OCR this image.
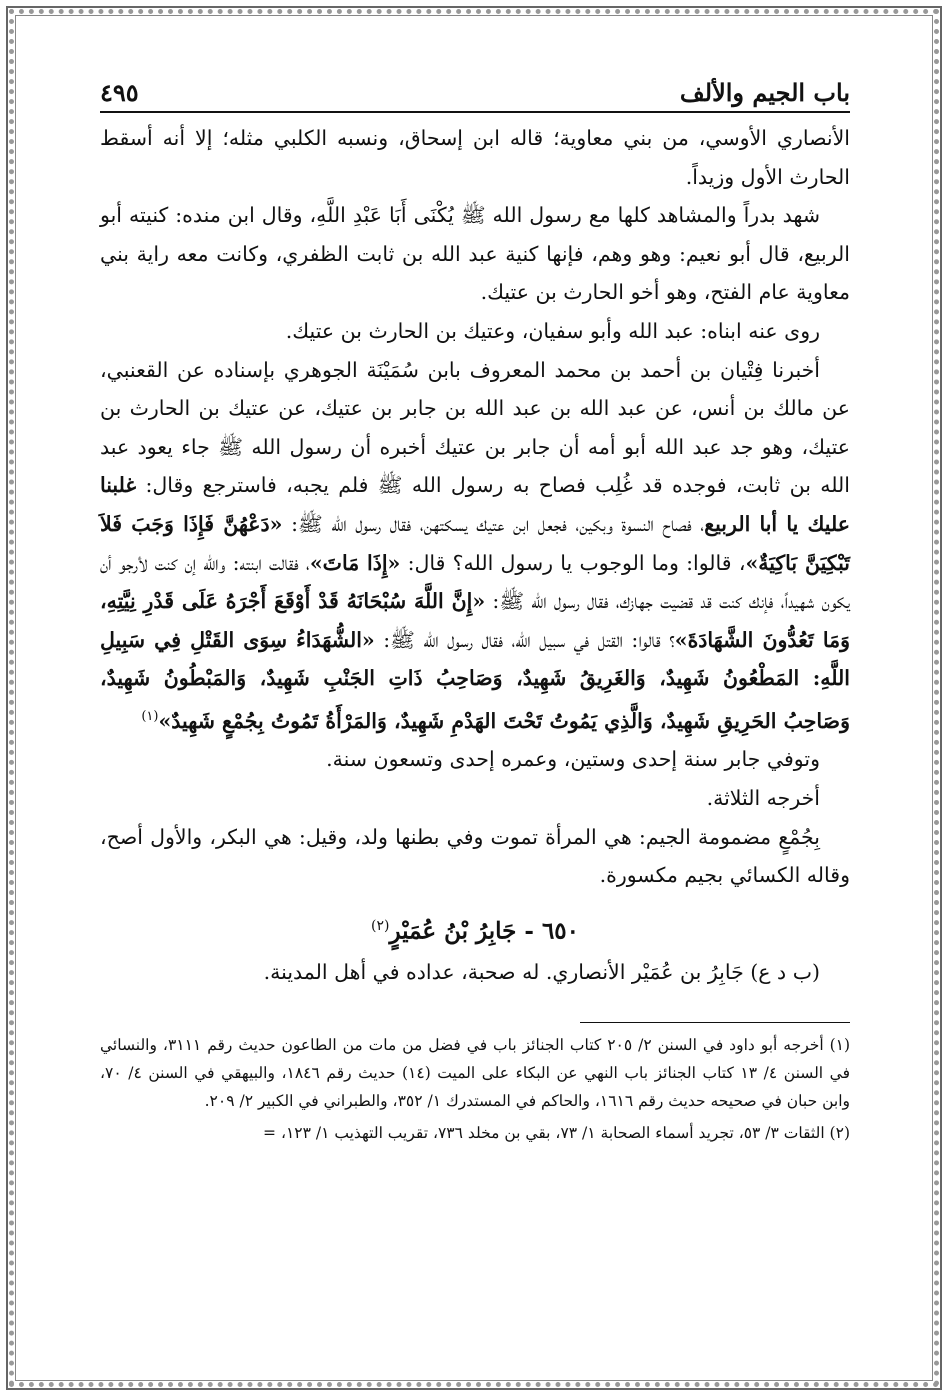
باب الجيم والألف
٤٩٥

الأنصاري الأوسي، من بني معاوية؛ قاله ابن إسحاق، ونسبه الكلبي مثله؛ إلا أنه أسقط الحارث الأول وزيداً.

شهد بدراً والمشاهد كلها مع رسول الله ﷺ يُكْنَى أَبَا عَبْدِ اللَّهِ، وقال ابن منده: كنيته أبو الربيع، قال أبو نعيم: وهو وهم، فإنها كنية عبد الله بن ثابت الظفري، وكانت معه راية بني معاوية عام الفتح، وهو أخو الحارث بن عتيك.

روى عنه ابناه: عبد الله وأبو سفيان، وعتيك بن الحارث بن عتيك.

أخبرنا فِتْيان بن أحمد بن محمد المعروف بابن سُمَيْنَة الجوهري بإسناده عن القعنبي، عن مالك بن أنس، عن عبد الله بن عبد الله بن جابر بن عتيك، عن عتيك بن الحارث بن عتيك، وهو جد عبد الله أبو أمه أن جابر بن عتيك أخبره أن رسول الله ﷺ جاء يعود عبد الله بن ثابت، فوجده قد غُلِب فصاح به رسول الله ﷺ فلم يجبه، فاسترجع وقال: غلبنا عليك يا أبا الربيع، فصاح النسوة وبكين، فجعل ابن عتيك يسكتهن، فقال رسول الله ﷺ: «دَعْهُنَّ فَإِذَا وَجَبَ فَلاَ تَبْكِيَنَّ بَاكِيَةٌ»، قالوا: وما الوجوب يا رسول الله؟ قال: «إِذَا مَاتَ»، فقالت ابنته: والله إن كنت لأرجو أن يكون شهيداً، فإنك كنت قد قضيت جهازك، فقال رسول الله ﷺ: «إِنَّ اللَّهَ سُبْحَانَهُ قَدْ أَوْقَعَ أَجْرَهُ عَلَى قَدْرِ نِيَّتِهِ، وَمَا تَعُدُّونَ الشَّهَادَةَ»؟ قالوا: القتل في سبيل الله، فقال رسول الله ﷺ: «الشُّهَدَاءُ سِوَى القَتْلِ فِي سَبِيلِ اللَّهِ: المَطْعُونُ شَهِيدٌ، وَالغَرِيقُ شَهِيدٌ، وَصَاحِبُ ذَاتِ الجَنْبِ شَهِيدٌ، وَالمَبْطُونُ شَهِيدٌ، وَصَاحِبُ الحَرِيقِ شَهِيدٌ، وَالَّذِي يَمُوتُ تَحْتَ الهَدْمِ شَهِيدٌ، وَالمَرْأَةُ تَمُوتُ بِجُمْعٍ شَهِيدٌ»$^{(١)}$

وتوفي جابر سنة إحدى وستين، وعمره إحدى وتسعون سنة.

أخرجه الثلاثة.

بِجُمْعٍ مضمومة الجيم: هي المرأة تموت وفي بطنها ولد، وقيل: هي البكر، والأول أصح، وقاله الكسائي بجيم مكسورة.

٦٥٠ - جَابِرُ بْنُ عُمَيْرٍ$^{(٢)}$

(ب د ع) جَابِرُ بن عُمَيْر الأنصاري. له صحبة، عداده في أهل المدينة.

(١) أخرجه أبو داود في السنن ٢/ ٢٠٥ كتاب الجنائز باب في فضل من مات من الطاعون حديث رقم ٣١١١، والنسائي في السنن ٤/ ١٣ كتاب الجنائز باب النهي عن البكاء على الميت (١٤) حديث رقم ١٨٤٦، والبيهقي في السنن ٤/ ٧٠، وابن حبان في صحيحه حديث رقم ١٦١٦، والحاكم في المستدرك ١/ ٣٥٢، والطبراني في الكبير ٢/ ٢٠٩.

(٢) الثقات ٣/ ٥٣، تجريد أسماء الصحابة ١/ ٧٣، بقي بن مخلد ٧٣٦، تقريب التهذيب ١/ ١٢٣، =
